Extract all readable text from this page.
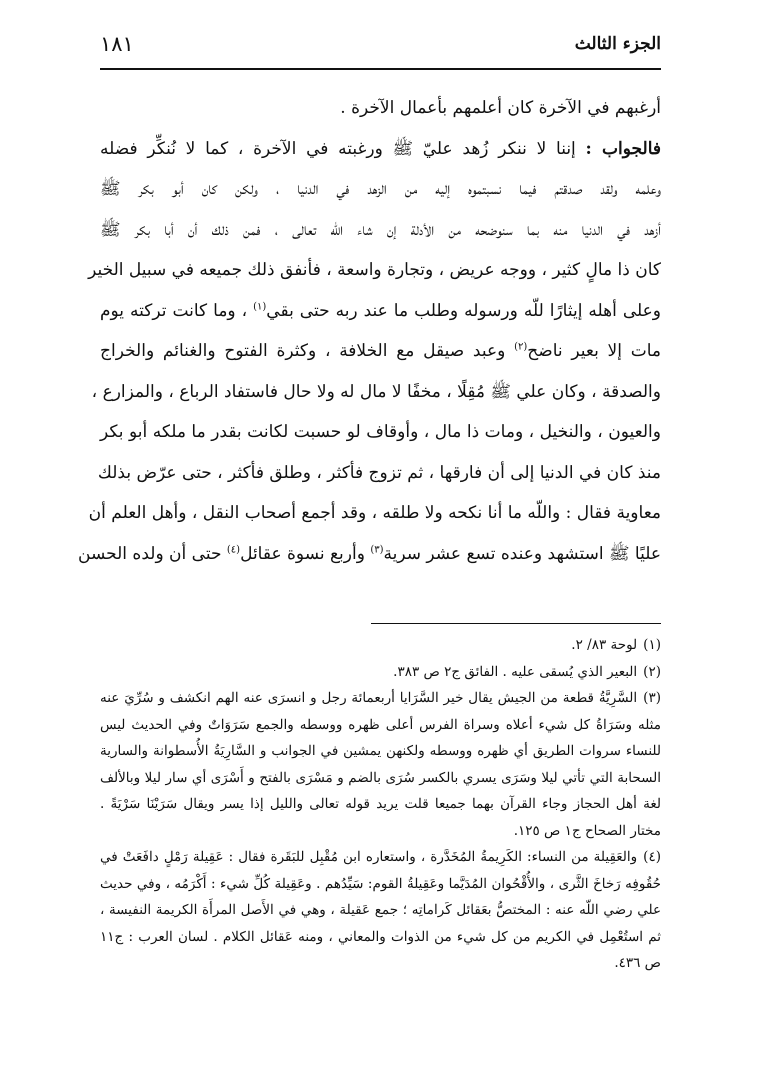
الجزء الثالث
١٨١
أرغبهم في الآخرة كان أعلمهم بأعمال الآخرة .
فالجواب : إننا لا ننكر زُهد عليّ ﷺ ورغبته في الآخرة ، كما لا نُنكِّر فضله
وعلمه ولقد صدقتم فيما نسبتموه إليه من الزهد في الدنيا ، ولكن كان أبو بكر ﷺ
أزهد في الدنيا منه بما سنوضحه من الأدلة إن شاء اللّه تعالى ، فمن ذلك أن أبا بكر ﷺ
كان ذا مالٍ كثير ، ووجه عريض ، وتجارة واسعة ، فأنفق ذلك جميعه في سبيل الخير
وعلى أهله إيثارًا للّه ورسوله وطلب ما عند ربه حتى بقي$^{(١)}$ ، وما كانت تركته يوم
مات إلا بعير ناضح$^{(٢)}$ وعبد صيقل مع الخلافة ، وكثرة الفتوح والغنائم والخراج
والصدقة ، وكان علي ﷺ مُقِلًا ، مخفًا لا مال له ولا حال فاستفاد الرباع ، والمزارع ،
والعيون ، والنخيل ، ومات ذا مال ، وأوقاف لو حسبت لكانت بقدر ما ملكه أبو بكر
منذ كان في الدنيا إلى أن فارقها ، ثم تزوج فأكثر ، وطلق فأكثر ، حتى عرّض بذلك
معاوية فقال : واللّه ما أنا نكحه ولا طلقه ، وقد أجمع أصحاب النقل ، وأهل العلم أن
عليًا ﷺ استشهد وعنده تسع عشر سرية$^{(٣)}$ وأربع نسوة عقائل$^{(٤)}$ حتى أن ولده الحسن
(١)لوحة ٨٣/ ٢.
(٢)البعير الذي يُسقى عليه . الفائق ج٢ ص ٣٨٣.
(٣)السَّرِيَّةُ قطعة من الجيش يقال خير السَّرَايا أربعمائة رجل و انسرَى عنه الهم انكشف و سُرِّيَ عنه مثله وسَرَاةُ كل شيء أعلاه وسراة الفرس أعلى ظهره ووسطه والجمع سَرَوَاتٌ وفي الحديث ليس للنساء سروات الطريق أي ظهره ووسطه ولكنهن يمشين في الجوانب و السَّارِيَةُ الأُسطوانة والسارية السحابة التي تأتي ليلا وسَرَى يسري بالكسر سُرَى بالضم و مَسْرَى بالفتح و أَسْرَى أي سار ليلا وبالألف لغة أهل الحجاز وجاء القرآن بهما جميعا قلت يريد قوله تعالى والليل إذا يسر ويقال سَرَيْنَا سَرْيَةً . مختار الصحاح ج١ ص ١٢٥.
(٤)والعَقِيلة من النساء: الكَرِيمةُ المُخَدَّرة ، واستعاره ابن مُقْبِل للبَقَرة فقال : عَقِيلة رَمْلٍ دافَعَتْ في حُقُوفِه رَخاخَ الثَّرى ، والأُقْحُوان المُدَيَّما وعَقِيلةُ القوم: سَيِّدُهم . وعَقِيلة كُلِّ شيء : أَكْرَمُه ، وفي حديث علي رضي اللّه عنه : المختصُّ بعَقائل كَراماتِه ؛ جمع عَقيلة ، وهي في الأَصل المرأَة الكريمة النفيسة ، ثم استُعْمِل في الكريم من كل شيء من الذوات والمعاني ، ومنه عَقائل الكلام . لسان العرب : ج١١ ص ٤٣٦.
